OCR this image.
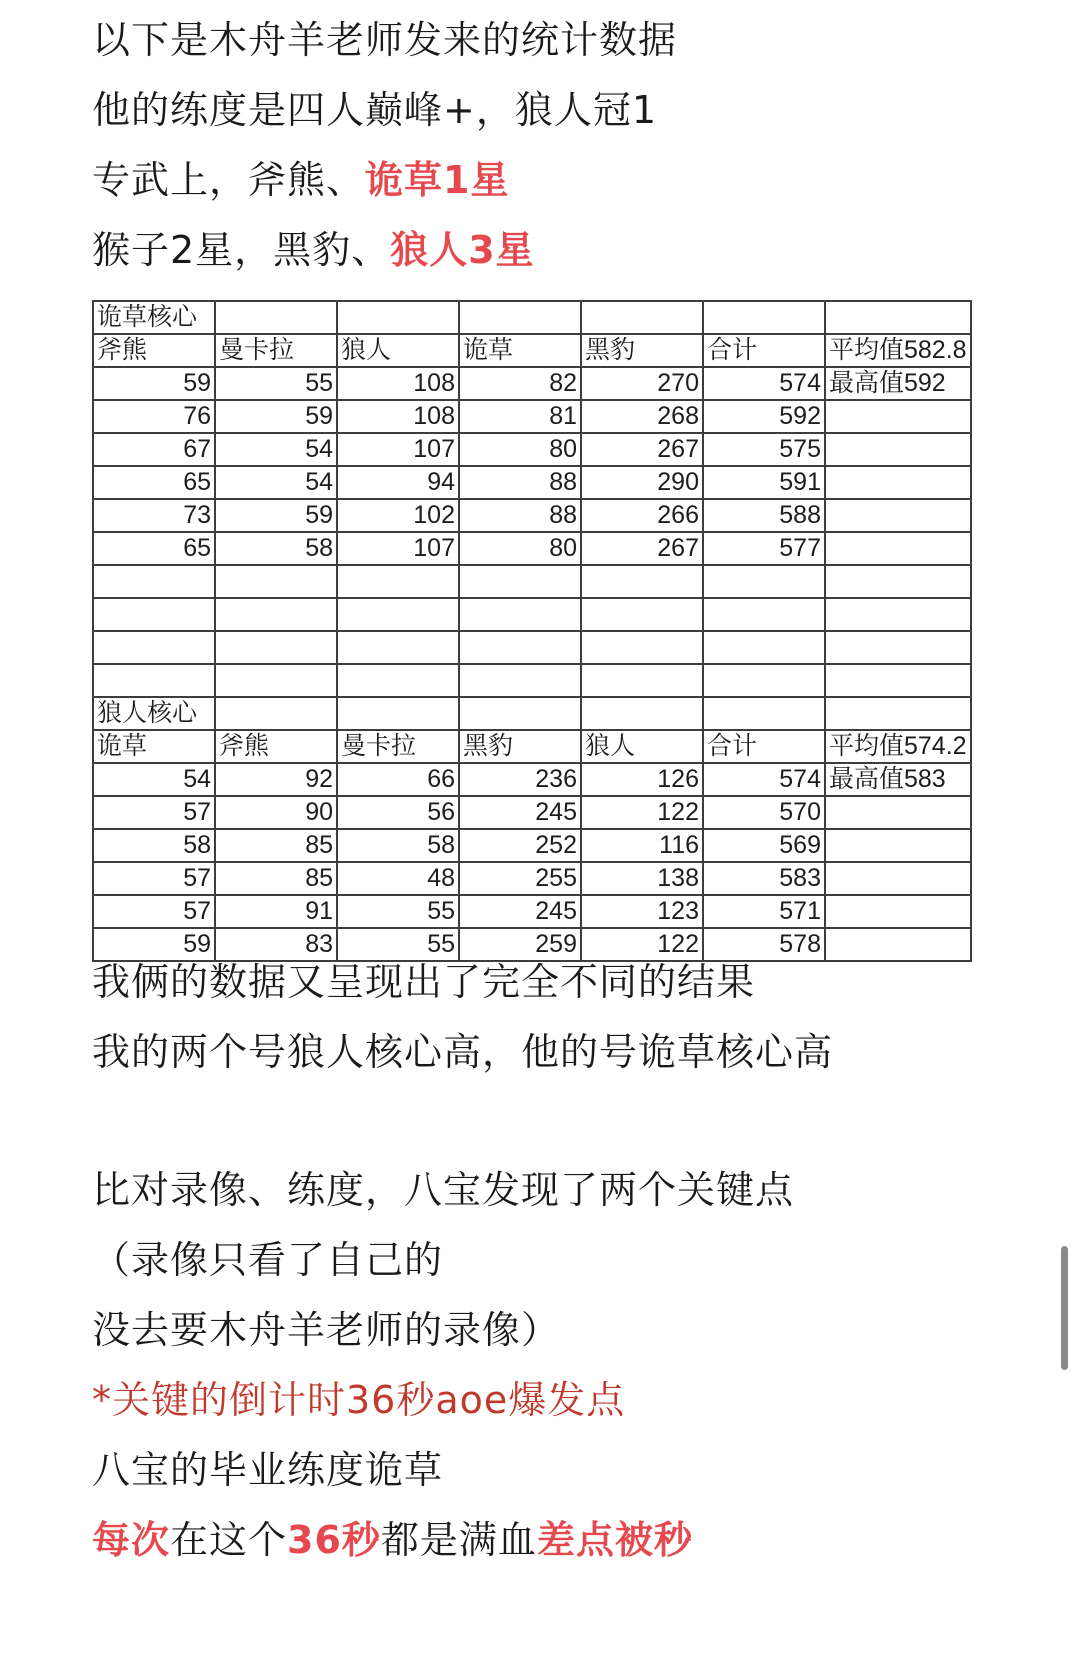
以下是木舟羊老师发来的统计数据

他的练度是四人巅峰+，狼人冠1

专武上，斧熊、诡草1星

猴子2星，黑豹、狼人3星

诡草核心						
斧熊	曼卡拉	狼人	诡草	黑豹	合计	平均值582.8
59	55	108	82	270	574	最高值592
76	59	108	81	268	592	
67	54	107	80	267	575	
65	54	94	88	290	591	
73	59	102	88	266	588	
65	58	107	80	267	577	

狼人核心						
诡草	斧熊	曼卡拉	黑豹	狼人	合计	平均值574.2
54	92	66	236	126	574	最高值583
57	90	56	245	122	570	
58	85	58	252	116	569	
57	85	48	255	138	583	
57	91	55	245	123	571	
59	83	55	259	122	578	

我俩的数据又呈现出了完全不同的结果

我的两个号狼人核心高，他的号诡草核心高

比对录像、练度，八宝发现了两个关键点

（录像只看了自己的

没去要木舟羊老师的录像）

*关键的倒计时36秒aoe爆发点

八宝的毕业练度诡草

每次在这个36秒都是满血差点被秒
